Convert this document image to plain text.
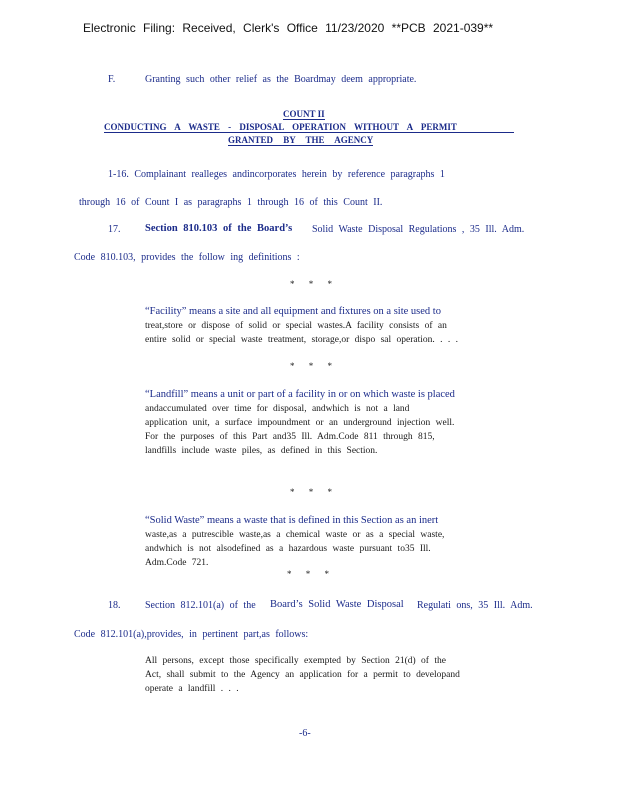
Electronic Filing: Received, Clerk's Office 11/23/2020 **PCB 2021-039**
F.	Granting such other relief as the Boardmay deem appropriate.
COUNT II
CONDUCTING A WASTE - DISPOSAL OPERATION WITHOUT A PERMIT
GRANTED BY THE AGENCY
1-16. Complainant realleges andincorporates herein by reference paragraphs 1
through 16 of Count I as paragraphs 1 through 16 of this Count II.
17. Section 810.103 of the Board’s Solid Waste Disposal Regulations , 35 Ill. Adm.
Code 810.103, provides the follow ing definitions :
* * *
“Facility” means a site and all equipment and fixtures on a site used to
treat,store or dispose of solid or special wastes.A facility consists of an
entire solid or special waste treatment, storage,or dispo sal operation. . . .
* * *
“Landfill” means a unit or part of a facility in or on which waste is placed
andaccumulated over time for disposal, andwhich is not a land
application unit, a surface impoundment or an underground injection well.
For the purposes of this Part and35 Ill. Adm.Code 811 through 815,
landfills include waste piles, as defined in this Section.
* * *
“Solid Waste” means a waste that is defined in this Section as an inert
waste,as a putrescible waste,as a chemical waste or as a special waste,
andwhich is not alsodefined as a hazardous waste pursuant to35 Ill.
Adm.Code 721.
* * *
18. Section 812.101(a) of the Board’s Solid Waste Disposal Regulati ons, 35 Ill. Adm.
Code 812.101(a),provides, in pertinent part,as follows:
All persons, except those specifically exempted by Section 21(d) of the
Act, shall submit to the Agency an application for a permit to developand
operate a landfill . . .
-6-
